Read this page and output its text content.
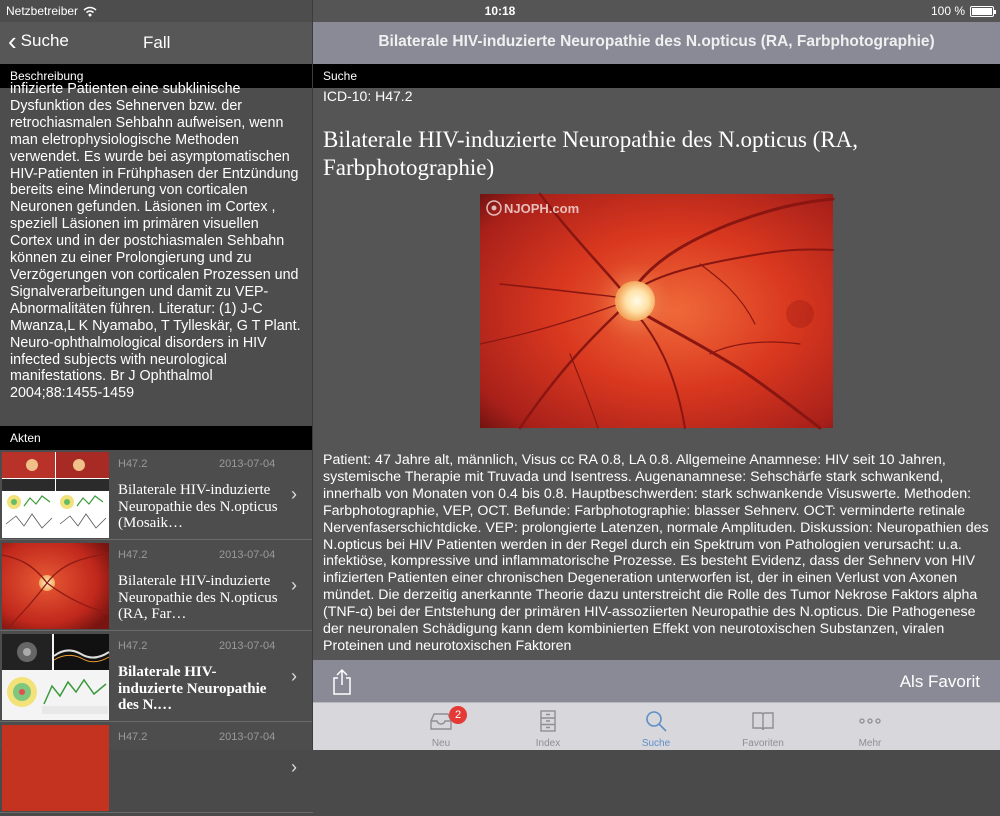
‹ Suche	Fall
Beschreibung
infizierte Patienten eine subklinische Dysfunktion des Sehnerven bzw. der retrochiasmalen Sehbahn aufweisen, wenn man eletrophysiologische Methoden verwendet. Es wurde bei asymptomatischen HIV-Patienten in Frühphasen der Entzündung bereits eine Minderung von corticalen Neuronen gefunden. Läsionen im Cortex , speziell Läsionen im primären visuellen Cortex und in der postchiasmalen Sehbahn können zu einer Prolongierung und zu Verzögerungen von corticalen Prozessen und Signalverarbeitungen und damit zu VEP-Abnormalitäten führen. Literatur: (1) J-C Mwanza,L K Nyamabo, T Tylleskär, G T Plant. Neuro-ophthalmological disorders in HIV infected subjects with neurological manifestations. Br J Ophthalmol 2004;88:1455-1459
Akten
H47.2	2013-07-04
Bilaterale HIV-induzierte Neuropathie des N.opticus (Mosaik…
›
H47.2	2013-07-04
Bilaterale HIV-induzierte Neuropathie des N.opticus (RA, Far…
›
H47.2	2013-07-04
Bilaterale HIV-induzierte Neuropathie des N.…
›
H47.2	2013-07-04
›
Bilaterale HIV-induzierte Neuropathie des N.opticus (RA, Farbphotographie)
Suche
ICD-10: H47.2
Bilaterale HIV-induzierte Neuropathie des N.opticus (RA, Farbphotographie)
NJOPH.com
Patient: 47 Jahre alt, männlich, Visus cc RA 0.8, LA 0.8. Allgemeine Anamnese: HIV seit 10 Jahren, systemische Therapie mit Truvada und Isentress. Augenanamnese: Sehschärfe stark schwankend, innerhalb von Monaten von 0.4 bis 0.8. Hauptbeschwerden: stark schwankende Visuswerte. Methoden: Farbphotographie, VEP, OCT. Befunde: Farbphotographie: blasser Sehnerv. OCT: verminderte retinale Nervenfaserschichtdicke. VEP: prolongierte Latenzen, normale Amplituden. Diskussion: Neuropathien des N.opticus bei HIV Patienten werden in der Regel durch ein Spektrum von Pathologien verursacht: u.a. infektiöse, kompressive und inflammatorische Prozesse. Es besteht Evidenz, dass der Sehnerv von HIV infizierten Patienten einer chronischen Degeneration unterworfen ist, der in einen Verlust von Axonen mündet. Die derzeitig anerkannte Theorie dazu unterstreicht die Rolle des Tumor Nekrose Faktors alpha (TNF-α) bei der Entstehung der primären HIV-assoziierten Neuropathie des N.opticus. Die Pathogenese der neuronalen Schädigung kann dem kombinierten Effekt von neurotoxischen Substanzen, viralen Proteinen und neurotoxischen Faktoren
Als Favorit
Netzbetreiber	10:18	100 %
2
Neu	Index	Suche	Favoriten	Mehr
